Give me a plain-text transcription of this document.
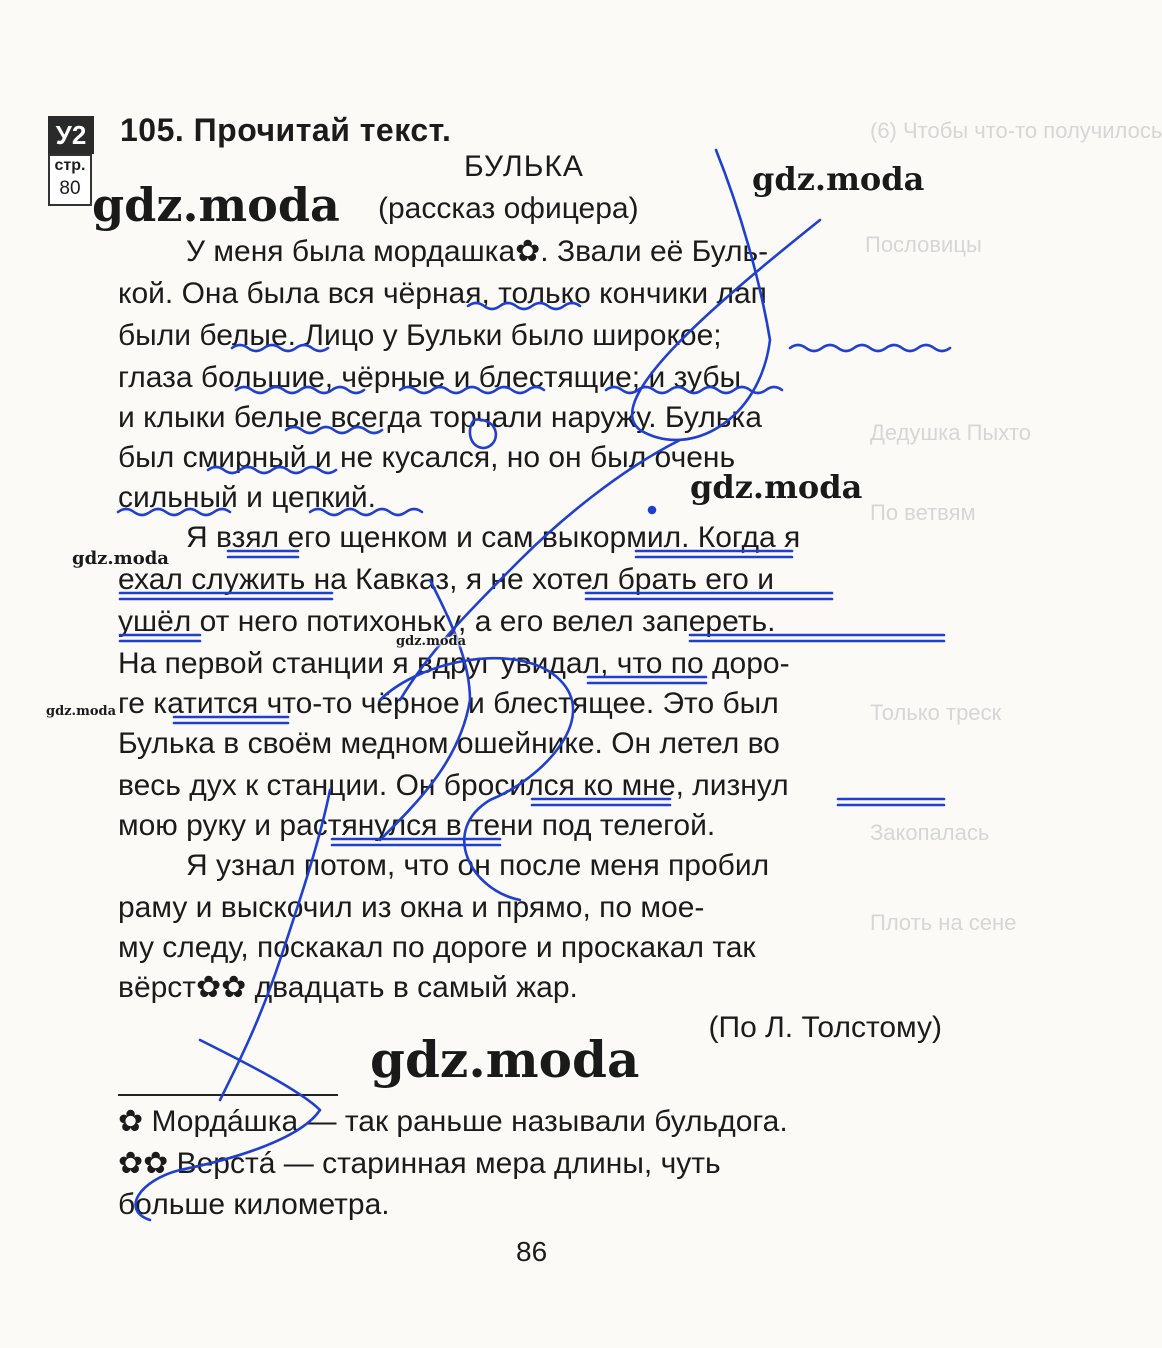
(6) Чтобы что-то получилось
Пословицы
Дедушка Пыхто
По ветвям
Только треск
Закопалась
Плоть на сене
У2
стр.
80
105. Прочитай текст.
БУЛЬКА
(рассказ офицера)
У меня была мордашка✿. Звали её Буль-
кой. Она была вся чёрная, только кончики лап
были белые. Лицо у Бульки было широкое;
глаза большие, чёрные и блестящие; и зубы
и клыки белые всегда торчали наружу. Булька
был смирный и не кусался, но он был очень
сильный и цепкий.
Я взял его щенком и сам выкормил. Когда я
ехал служить на Кавказ, я не хотел брать его и
ушёл от него потихоньку, а его велел запереть.
На первой станции я вдруг увидал, что по доро-
ге катится что-то чёрное и блестящее. Это был
Булька в своём медном ошейнике. Он летел во
весь дух к станции. Он бросился ко мне, лизнул
мою руку и растянулся в тени под телегой.
Я узнал потом, что он после меня пробил
раму и выскочил из окна и прямо, по мое-
му следу, поскакал по дороге и проскакал так
вёрст✿✿ двадцать в самый жар.
(По Л. Толстому)
✿ Мордáшка — так раньше называли бульдога.
✿✿ Верстá — старинная мера длины, чуть
больше километра.
86
gdz.moda	gdz.moda
gdz.moda
gdz.moda
gdz.moda
gdz.moda
gdz.moda
